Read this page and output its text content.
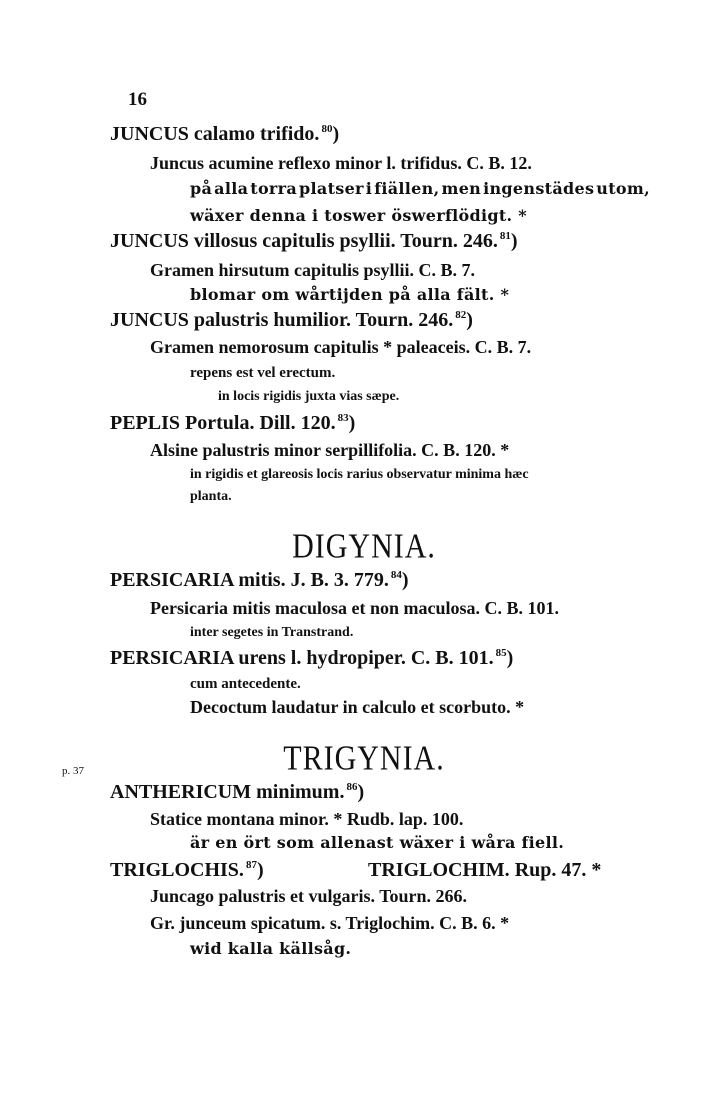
16
JUNCUS calamo trifido. $^{80}$)
Juncus acumine reflexo minor l. trifidus. C. B. 12.
på alla torra platser i fiällen, men ingenstädes utom,
wäxer denna i toswer öswerflödigt. *
JUNCUS villosus capitulis psyllii. Tourn. 246. $^{81}$)
Gramen hirsutum capitulis psyllii. C. B. 7.
blomar om wårtijden på alla fält. *
JUNCUS palustris humilior. Tourn. 246. $^{82}$)
Gramen nemorosum capitulis * paleaceis. C. B. 7.
repens est vel erectum.
in locis rigidis juxta vias sæpe.
PEPLIS Portula. Dill. 120. $^{83}$)
Alsine palustris minor serpillifolia. C. B. 120. *
in rigidis et glareosis locis rarius observatur minima hæc
planta.
DIGYNIA.
PERSICARIA mitis. J. B. 3. 779. $^{84}$)
Persicaria mitis maculosa et non maculosa. C. B. 101.
inter segetes in Transtrand.
PERSICARIA urens l. hydropiper. C. B. 101. $^{85}$)
cum antecedente.
Decoctum laudatur in calculo et scorbuto. *
p. 37	TRIGYNIA.
ANTHERICUM minimum. $^{86}$)
Statice montana minor. * Rudb. lap. 100.
är en ört som allenast wäxer i wåra fiell.
TRIGLOCHIS. $^{87}$)	TRIGLOCHIM. Rup. 47. *
Juncago palustris et vulgaris. Tourn. 266.
Gr. junceum spicatum. s. Triglochim. C. B. 6. *
wid kalla källsåg.
